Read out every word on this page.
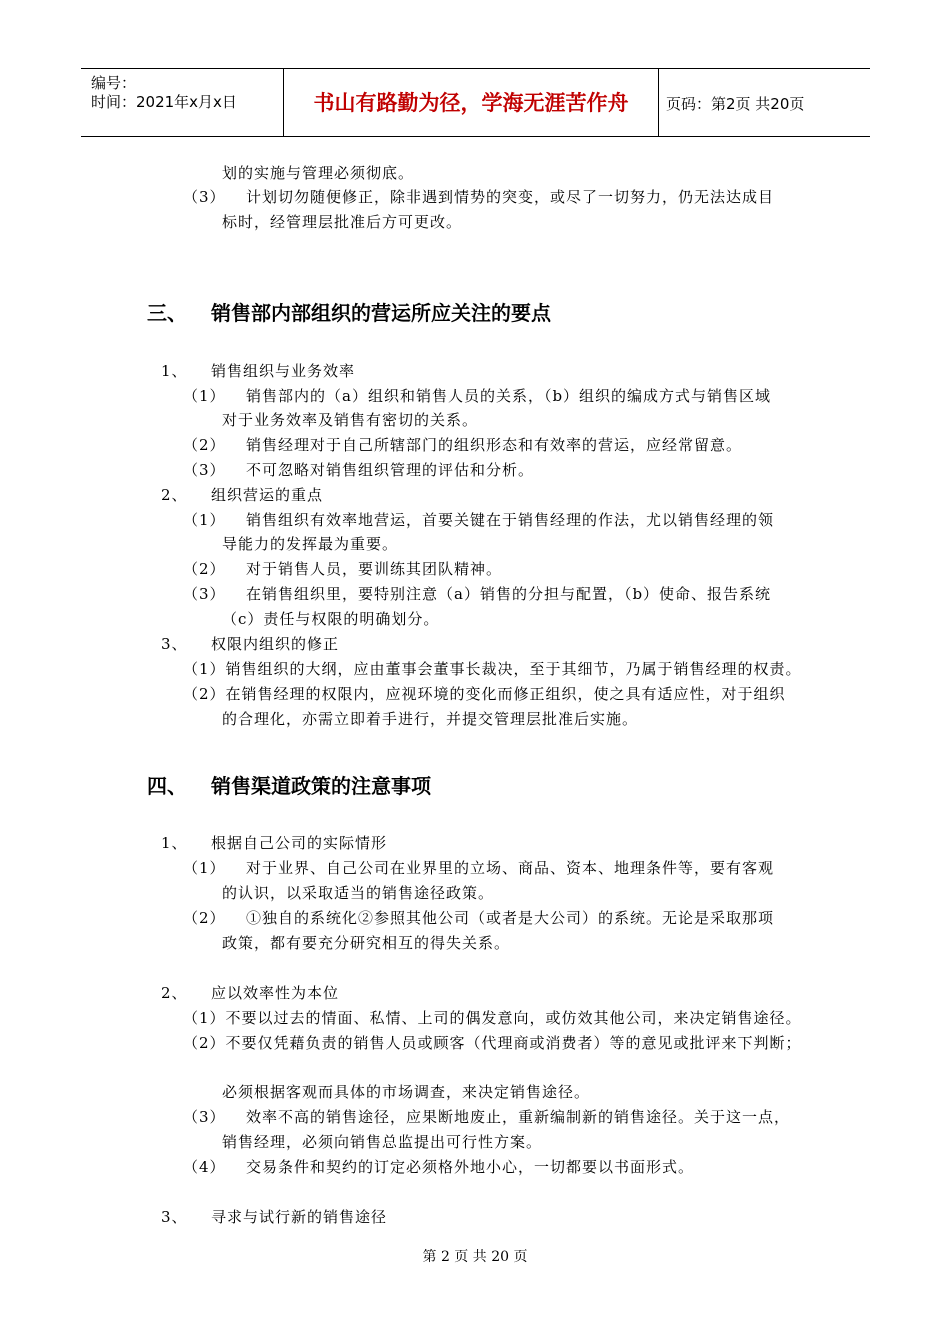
编号：
时间：2021年x月x日	书山有路勤为径，学海无涯苦作舟	页码：第2页 共20页
划的实施与管理必须彻底。
（3） 计划切勿随便修正，除非遇到情势的突变，或尽了一切努力，仍无法达成目
标时，经管理层批准后方可更改。
三、 销售部内部组织的营运所应关注的要点
1、 销售组织与业务效率
（1） 销售部内的（a）组织和销售人员的关系，（b）组织的编成方式与销售区域
对于业务效率及销售有密切的关系。
（2） 销售经理对于自己所辖部门的组织形态和有效率的营运，应经常留意。
（3） 不可忽略对销售组织管理的评估和分析。
2、 组织营运的重点
（1） 销售组织有效率地营运，首要关键在于销售经理的作法，尤以销售经理的领
导能力的发挥最为重要。
（2） 对于销售人员，要训练其团队精神。
（3） 在销售组织里，要特别注意（a）销售的分担与配置，（b）使命、报告系统
（c）责任与权限的明确划分。
3、 权限内组织的修正
（1）销售组织的大纲，应由董事会董事长裁决，至于其细节，乃属于销售经理的权责。
（2）在销售经理的权限内，应视环境的变化而修正组织，使之具有适应性，对于组织
的合理化，亦需立即着手进行，并提交管理层批准后实施。
四、 销售渠道政策的注意事项
1、 根据自己公司的实际情形
（1） 对于业界、自己公司在业界里的立场、商品、资本、地理条件等，要有客观
的认识，以采取适当的销售途径政策。
（2） ①独自的系统化②参照其他公司（或者是大公司）的系统。无论是采取那项
政策，都有要充分研究相互的得失关系。
2、 应以效率性为本位
（1）不要以过去的情面、私情、上司的偶发意向，或仿效其他公司，来决定销售途径。
（2）不要仅凭藉负责的销售人员或顾客（代理商或消费者）等的意见或批评来下判断；
必须根据客观而具体的市场调查，来决定销售途径。
（3） 效率不高的销售途径，应果断地废止，重新编制新的销售途径。关于这一点，
销售经理，必须向销售总监提出可行性方案。
（4） 交易条件和契约的订定必须格外地小心，一切都要以书面形式。
3、 寻求与试行新的销售途径
第 2 页 共 20 页
